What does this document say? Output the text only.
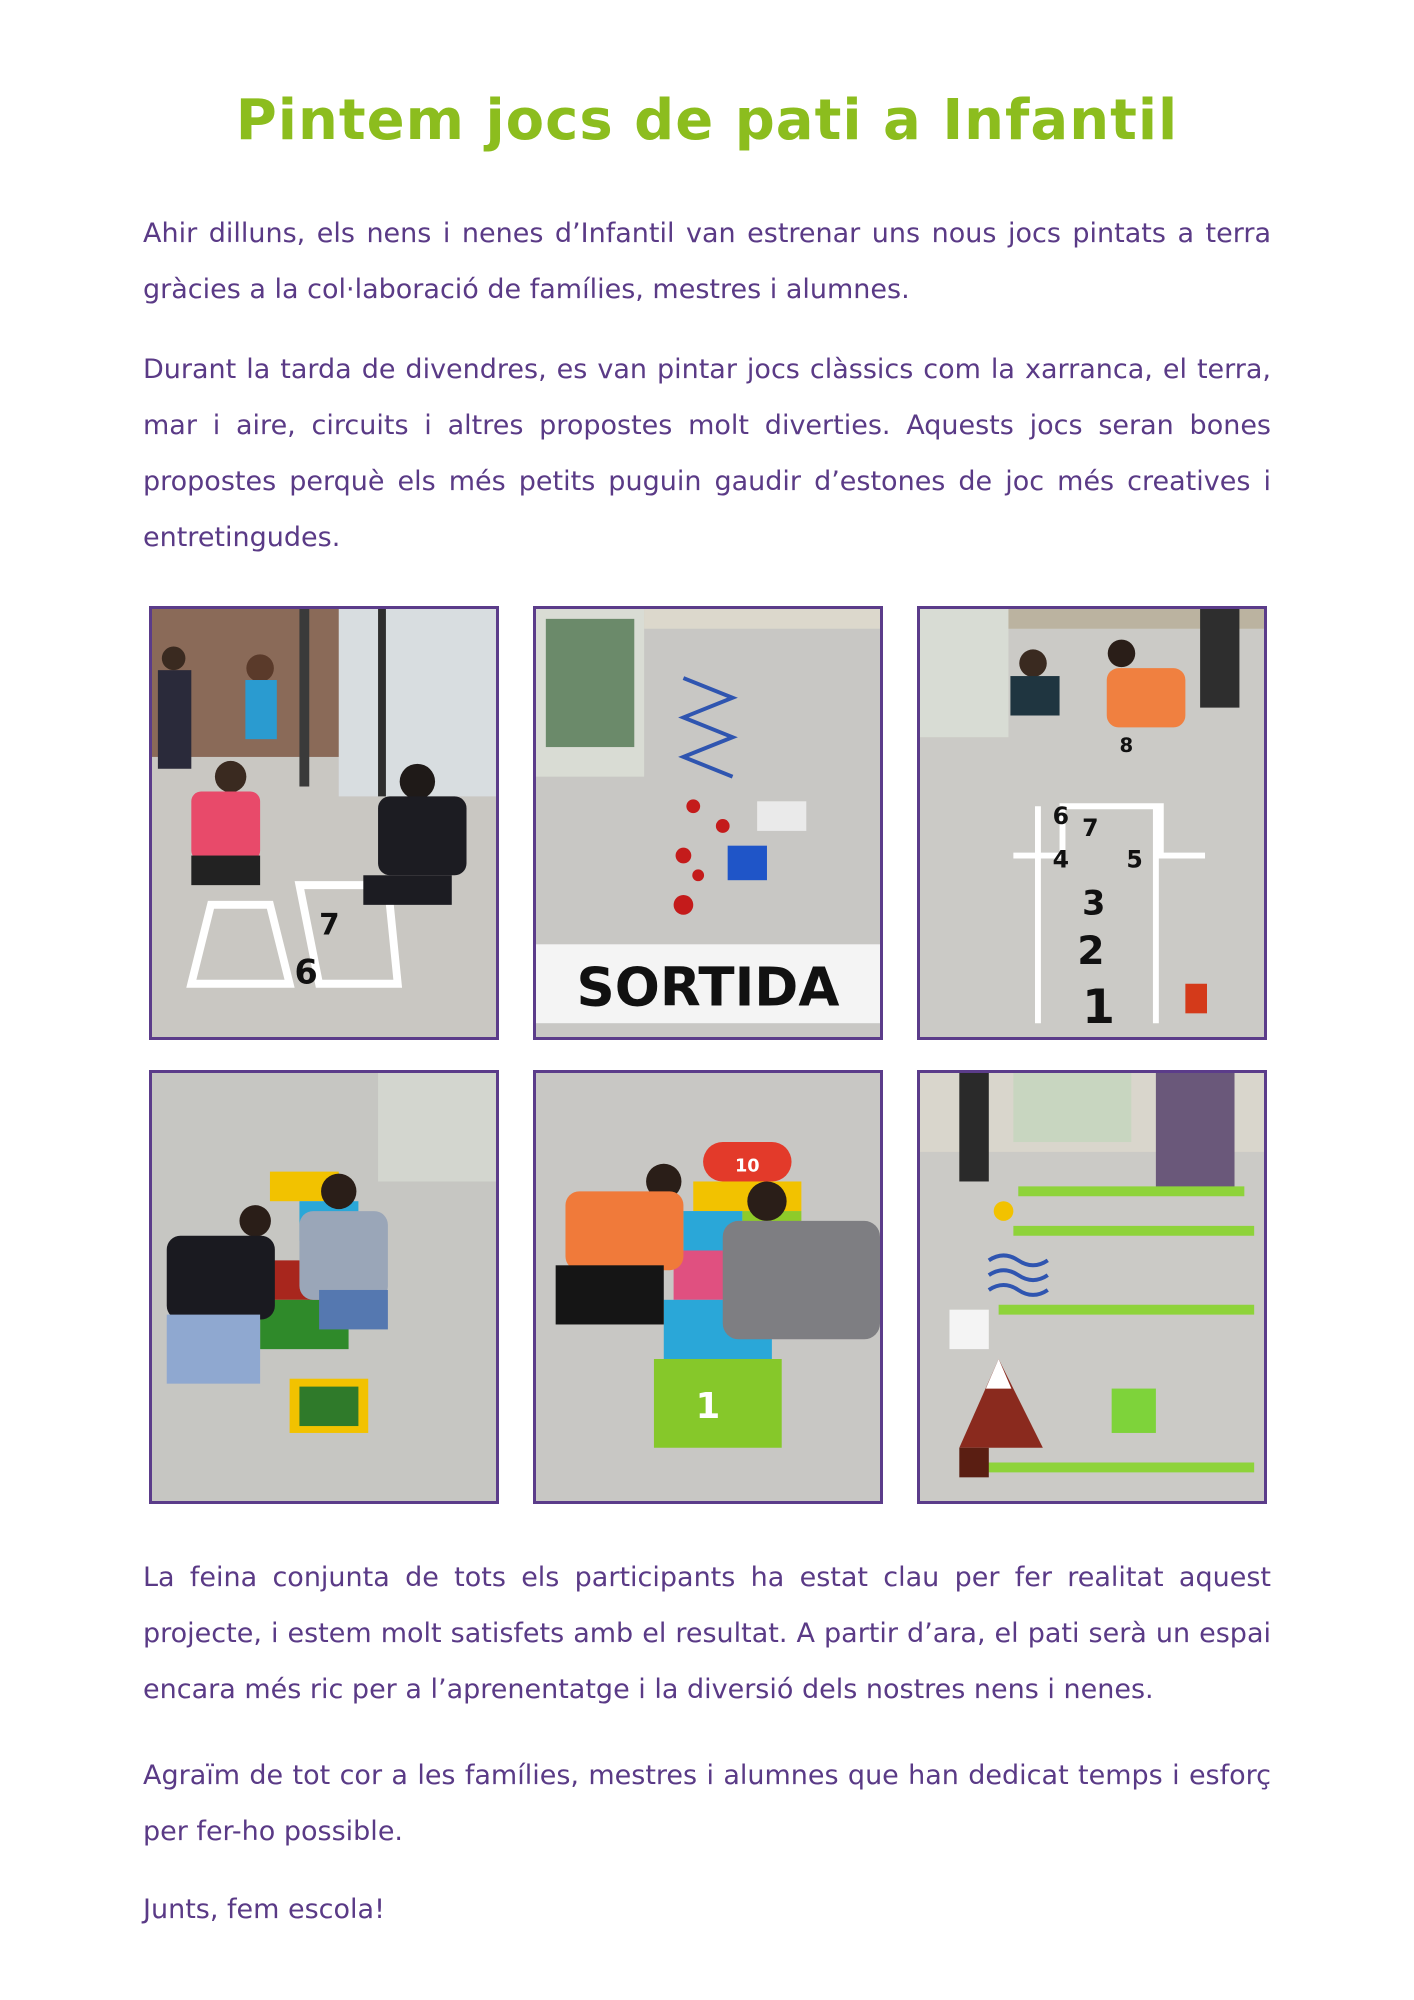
Pintem jocs de pati a Infantil

Ahir dilluns, els nens i nenes d’Infantil van estrenar uns nous jocs pintats a terra gràcies a la col·laboració de famílies, mestres i alumnes.

Durant la tarda de divendres, es van pintar jocs clàssics com la xarranca, el terra, mar i aire, circuits i altres propostes molt diverties. Aquests jocs seran bones propostes perquè els més petits puguin gaudir d’estones de joc més creatives i entretingudes.

6
7
SORTIDA
7
6
8
4 5
3
2
1
10
1

La feina conjunta de tots els participants ha estat clau per fer realitat aquest projecte, i estem molt satisfets amb el resultat. A partir d’ara, el pati serà un espai encara més ric per a l’aprenentatge i la diversió dels nostres nens i nenes.

Agraïm de tot cor a les famílies, mestres i alumnes que han dedicat temps i esforç per fer-ho possible.

Junts, fem escola!
